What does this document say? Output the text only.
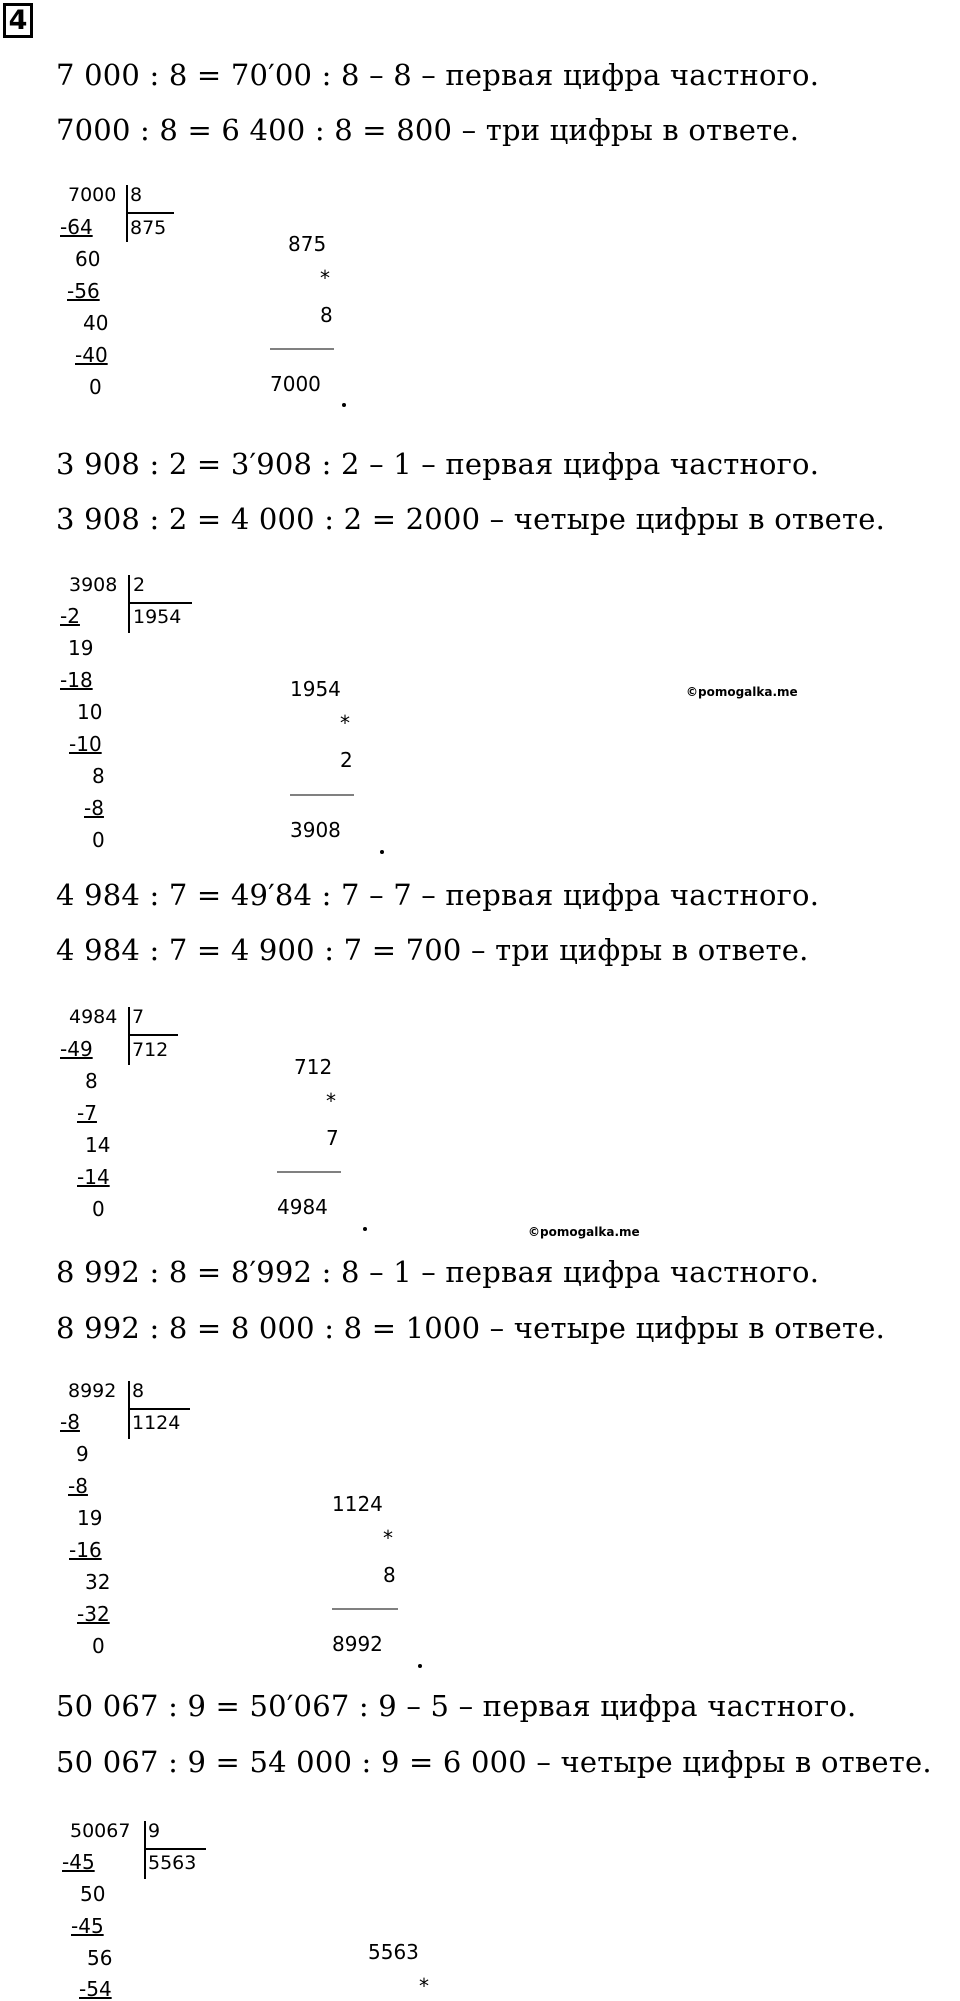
4
7 000 : 8 = 70′00 : 8 – 8 – первая цифра частного.
7000 : 8 = 6 400 : 8 = 800 – три цифры в ответе.
7000 8
875
-64
60
-56
40
-40
0
875
*
8
7000
3 908 : 2 = 3′908 : 2 – 1 – первая цифра частного.
3 908 : 2 = 4 000 : 2 = 2000 – четыре цифры в ответе.
3908 2
1954
-2
19
-18
10
-10
8
-8
0
1954
*
2
3908
©pomogalka.me
4 984 : 7 = 49′84 : 7 – 7 – первая цифра частного.
4 984 : 7 = 4 900 : 7 = 700 – три цифры в ответе.
4984 7
712
-49
8
-7
14
-14
0
712
*
7
4984
©pomogalka.me
8 992 : 8 = 8′992 : 8 – 1 – первая цифра частного.
8 992 : 8 = 8 000 : 8 = 1000 – четыре цифры в ответе.
8992 8
1124
-8
9
-8
19
-16
32
-32
0
1124
*
8
8992
50 067 : 9 = 50′067 : 9 – 5 – первая цифра частного.
50 067 : 9 = 54 000 : 9 = 6 000 – четыре цифры в ответе.
50067 9
5563
-45
50
-45
56
-54
5563
*
